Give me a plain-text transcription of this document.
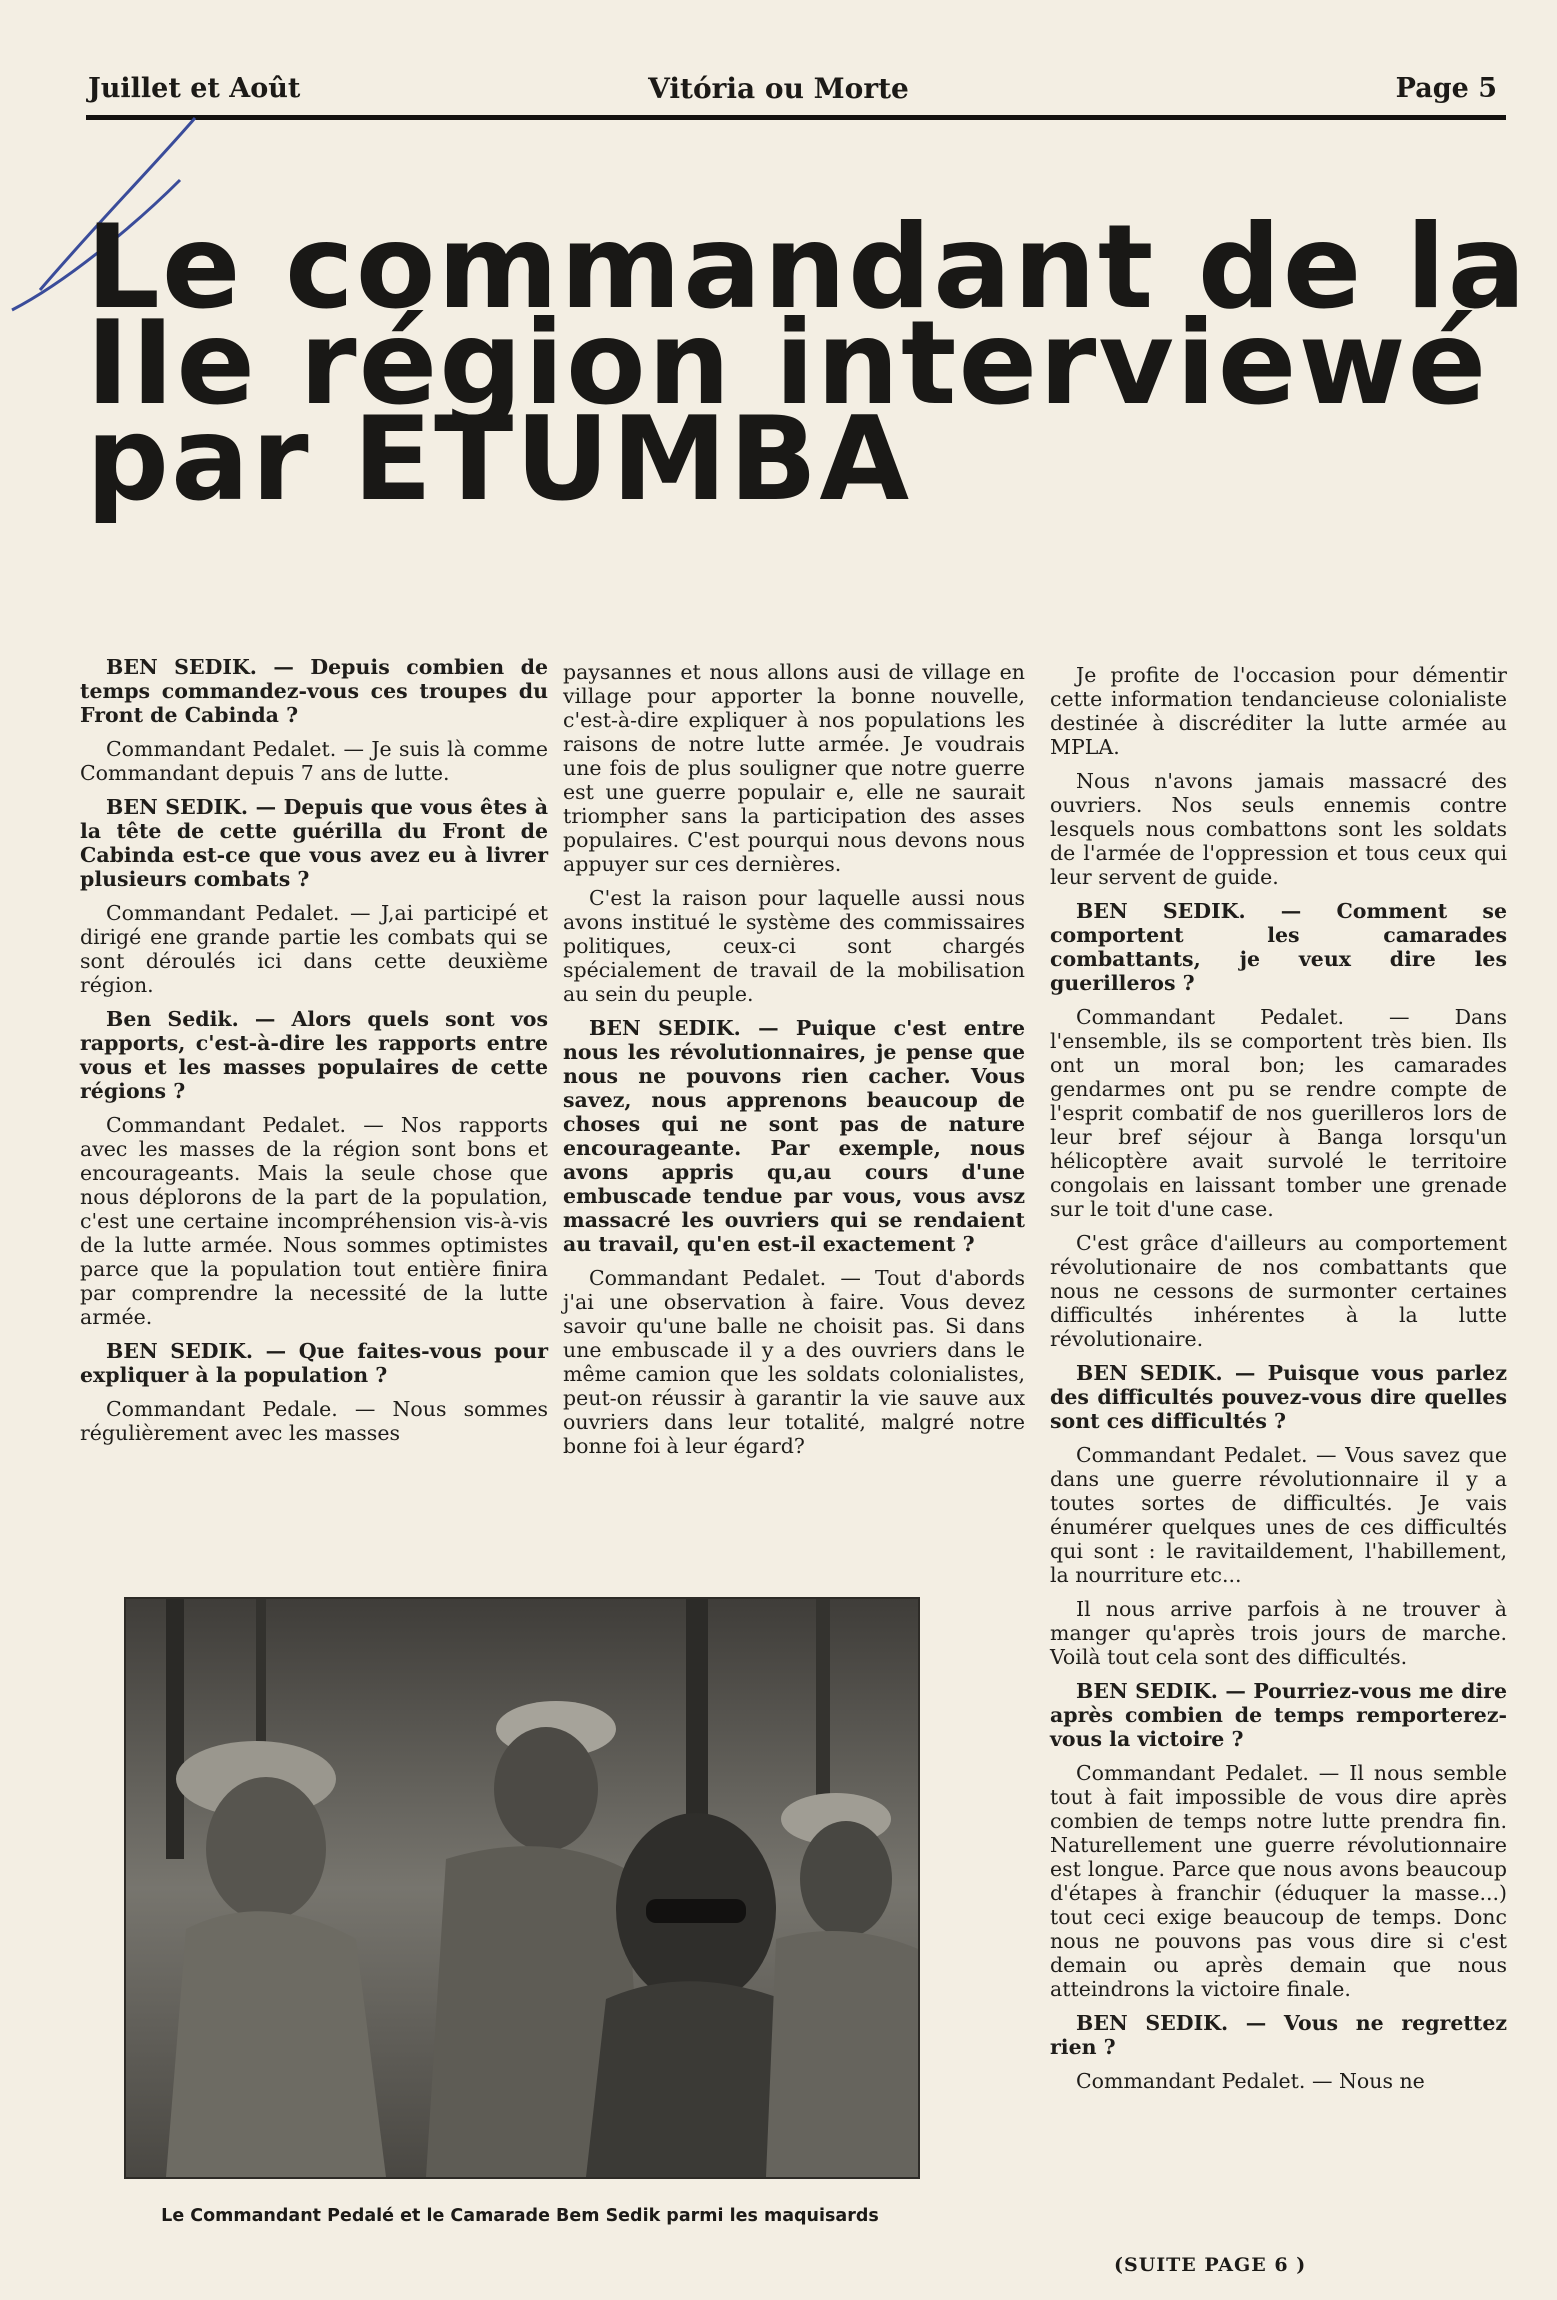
Juillet et Août	Vitória ou Morte	Page 5
Le commandant de la
IIe région interviewé
par ETUMBA

BEN SEDIK. — Depuis combien de temps commandez-vous ces troupes du Front de Cabinda ?

Commandant Pedalet. — Je suis là comme Commandant depuis 7 ans de lutte.

BEN SEDIK. — Depuis que vous êtes à la tête de cette guérilla du Front de Cabinda est-ce que vous avez eu à livrer plusieurs combats ?

Commandant Pedalet. — J,ai participé et dirigé ene grande partie les combats qui se sont déroulés ici dans cette deuxième région.

Ben Sedik. — Alors quels sont vos rapports, c'est-à-dire les rapports entre vous et les masses populaires de cette régions ?

Commandant Pedalet. — Nos rapports avec les masses de la région sont bons et encourageants. Mais la seule chose que nous déplorons de la part de la population, c'est une certaine incompréhension vis-à-vis de la lutte armée. Nous sommes optimistes parce que la population tout entière finira par comprendre la necessité de la lutte armée.

BEN SEDIK. — Que faites-vous pour expliquer à la population ?

Commandant Pedale. — Nous sommes régulièrement avec les masses

paysannes et nous allons ausi de village en village pour apporter la bonne nouvelle, c'est-à-dire expliquer à nos populations les raisons de notre lutte armée. Je voudrais une fois de plus souligner que notre guerre est une guerre populair e, elle ne saurait triompher sans la participation des asses populaires. C'est pourqui nous devons nous appuyer sur ces dernières.

C'est la raison pour laquelle aussi nous avons institué le système des commissaires politiques, ceux-ci sont chargés spécialement de travail de la mobilisation au sein du peuple.

BEN SEDIK. — Puique c'est entre nous les révolutionnaires, je pense que nous ne pouvons rien cacher. Vous savez, nous apprenons beaucoup de choses qui ne sont pas de nature encourageante. Par exemple, nous avons appris qu,au cours d'une embuscade tendue par vous, vous avsz massacré les ouvriers qui se rendaient au travail, qu'en est-il exactement ?

Commandant Pedalet. — Tout d'abords j'ai une observation à faire. Vous devez savoir qu'une balle ne choisit pas. Si dans une embuscade il y a des ouvriers dans le même camion que les soldats colonialistes, peut-on réussir à garantir la vie sauve aux ouvriers dans leur totalité, malgré notre bonne foi à leur égard?

Je profite de l'occasion pour démentir cette information tendancieuse colonialiste destinée à discréditer la lutte armée au MPLA.

Nous n'avons jamais massacré des ouvriers. Nos seuls ennemis contre lesquels nous combattons sont les soldats de l'armée de l'oppression et tous ceux qui leur servent de guide.

BEN SEDIK. — Comment se comportent les camarades combattants, je veux dire les guerilleros ?

Commandant Pedalet. — Dans l'ensemble, ils se comportent très bien. Ils ont un moral bon; les camarades gendarmes ont pu se rendre compte de l'esprit combatif de nos guerilleros lors de leur bref séjour à Banga lorsqu'un hélicoptère avait survolé le territoire congolais en laissant tomber une grenade sur le toit d'une case.

C'est grâce d'ailleurs au comportement révolutionaire de nos combattants que nous ne cessons de surmonter certaines difficultés inhérentes à la lutte révolutionaire.

BEN SEDIK. — Puisque vous parlez des difficultés pouvez-vous dire quelles sont ces difficultés ?

Commandant Pedalet. — Vous savez que dans une guerre révolutionnaire il y a toutes sortes de difficultés. Je vais énumérer quelques unes de ces difficultés qui sont : le ravitaildement, l'habillement, la nourriture etc...

Il nous arrive parfois à ne trouver à manger qu'après trois jours de marche. Voilà tout cela sont des difficultés.

BEN SEDIK. — Pourriez-vous me dire après combien de temps remporterez-vous la victoire ?

Commandant Pedalet. — Il nous semble tout à fait impossible de vous dire après combien de temps notre lutte prendra fin. Naturellement une guerre révolutionnaire est longue. Parce que nous avons beaucoup d'étapes à franchir (éduquer la masse...) tout ceci exige beaucoup de temps. Donc nous ne pouvons pas vous dire si c'est demain ou après demain que nous atteindrons la victoire finale.

BEN SEDIK. — Vous ne regrettez rien ?

Commandant Pedalet. — Nous ne

Le Commandant Pedalé et le Camarade Bem Sedik parmi les maquisards
(SUITE PAGE 6 )
